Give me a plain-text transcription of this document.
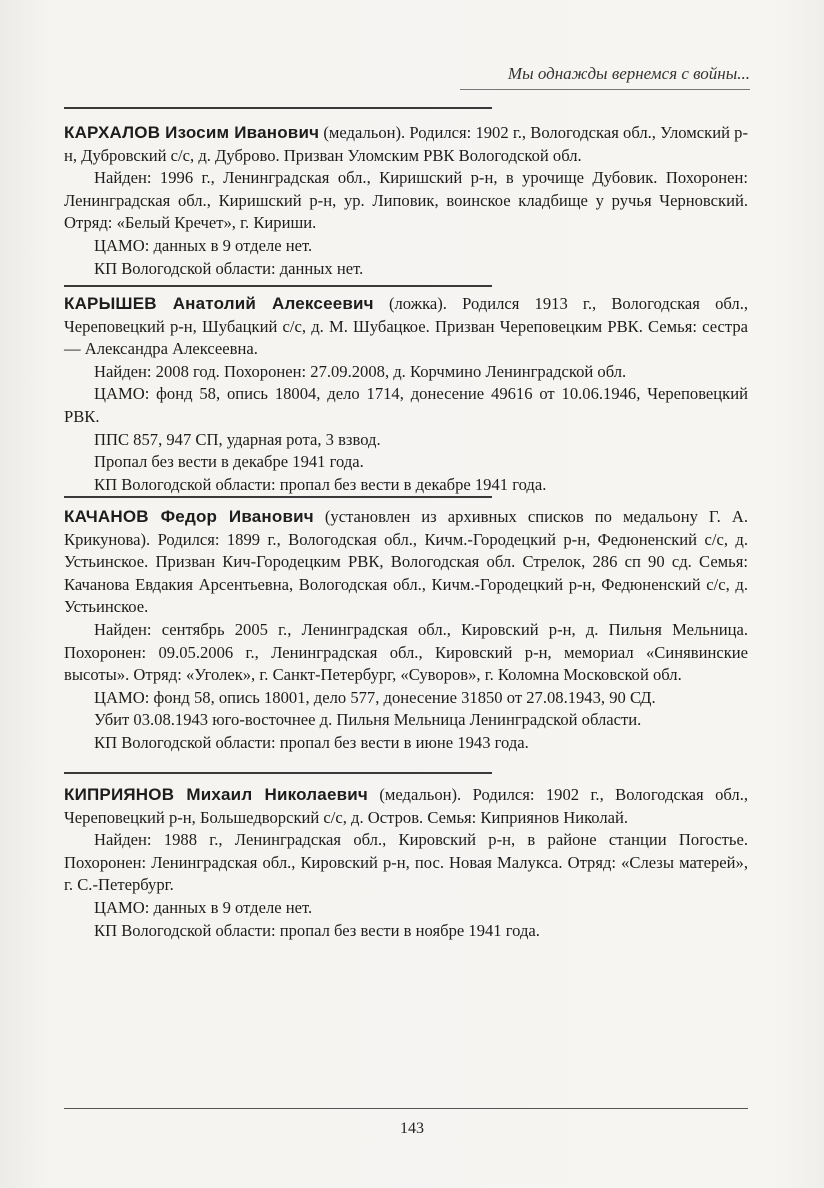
Мы однажды вернемся с войны...

КАРХАЛОВ Изосим Иванович (медальон). Родился: 1902 г., Вологодская обл., Уломский р-н, Дубровский с/с, д. Дуброво. Призван Уломским РВК Вологодской обл.

Найден: 1996 г., Ленинградская обл., Киришский р-н, в урочище Дубовик. Похоронен: Ленинградская обл., Киришский р-н, ур. Липовик, воинское кладбище у ручья Черновский. Отряд: «Белый Кречет», г. Кириши.

ЦАМО: данных в 9 отделе нет.

КП Вологодской области: данных нет.

КАРЫШЕВ Анатолий Алексеевич (ложка). Родился 1913 г., Вологодская обл., Череповецкий р-н, Шубацкий с/с, д. М. Шубацкое. Призван Череповецким РВК. Семья: сестра — Александра Алексеевна.

Найден: 2008 год. Похоронен: 27.09.2008, д. Корчмино Ленинградской обл.

ЦАМО: фонд 58, опись 18004, дело 1714, донесение 49616 от 10.06.1946, Череповецкий РВК.

ППС 857, 947 СП, ударная рота, 3 взвод.

Пропал без вести в декабре 1941 года.

КП Вологодской области: пропал без вести в декабре 1941 года.

КАЧАНОВ Федор Иванович (установлен из архивных списков по медальону Г. А. Крикунова). Родился: 1899 г., Вологодская обл., Кичм.-Городецкий р-н, Федюненский с/с, д. Устьинское. Призван Кич-Городецким РВК, Вологодская обл. Стрелок, 286 сп 90 сд. Семья: Качанова Евдакия Арсентьевна, Вологодская обл., Кичм.-Городецкий р-н, Федюненский с/с, д. Устьинское.

Найден: сентябрь 2005 г., Ленинградская обл., Кировский р-н, д. Пильня Мельница. Похоронен: 09.05.2006 г., Ленинградская обл., Кировский р-н, мемориал «Синявинские высоты». Отряд: «Уголек», г. Санкт-Петербург, «Суворов», г. Коломна Московской обл.

ЦАМО: фонд 58, опись 18001, дело 577, донесение 31850 от 27.08.1943, 90 СД.

Убит 03.08.1943 юго-восточнее д. Пильня Мельница Ленинградской области.

КП Вологодской области: пропал без вести в июне 1943 года.

КИПРИЯНОВ Михаил Николаевич (медальон). Родился: 1902 г., Вологодская обл., Череповецкий р-н, Большедворский с/с, д. Остров. Семья: Киприянов Николай.

Найден: 1988 г., Ленинградская обл., Кировский р-н, в районе станции Погостье. Похоронен: Ленинградская обл., Кировский р-н, пос. Новая Малукса. Отряд: «Слезы матерей», г. С.-Петербург.

ЦАМО: данных в 9 отделе нет.

КП Вологодской области: пропал без вести в ноябре 1941 года.

143
